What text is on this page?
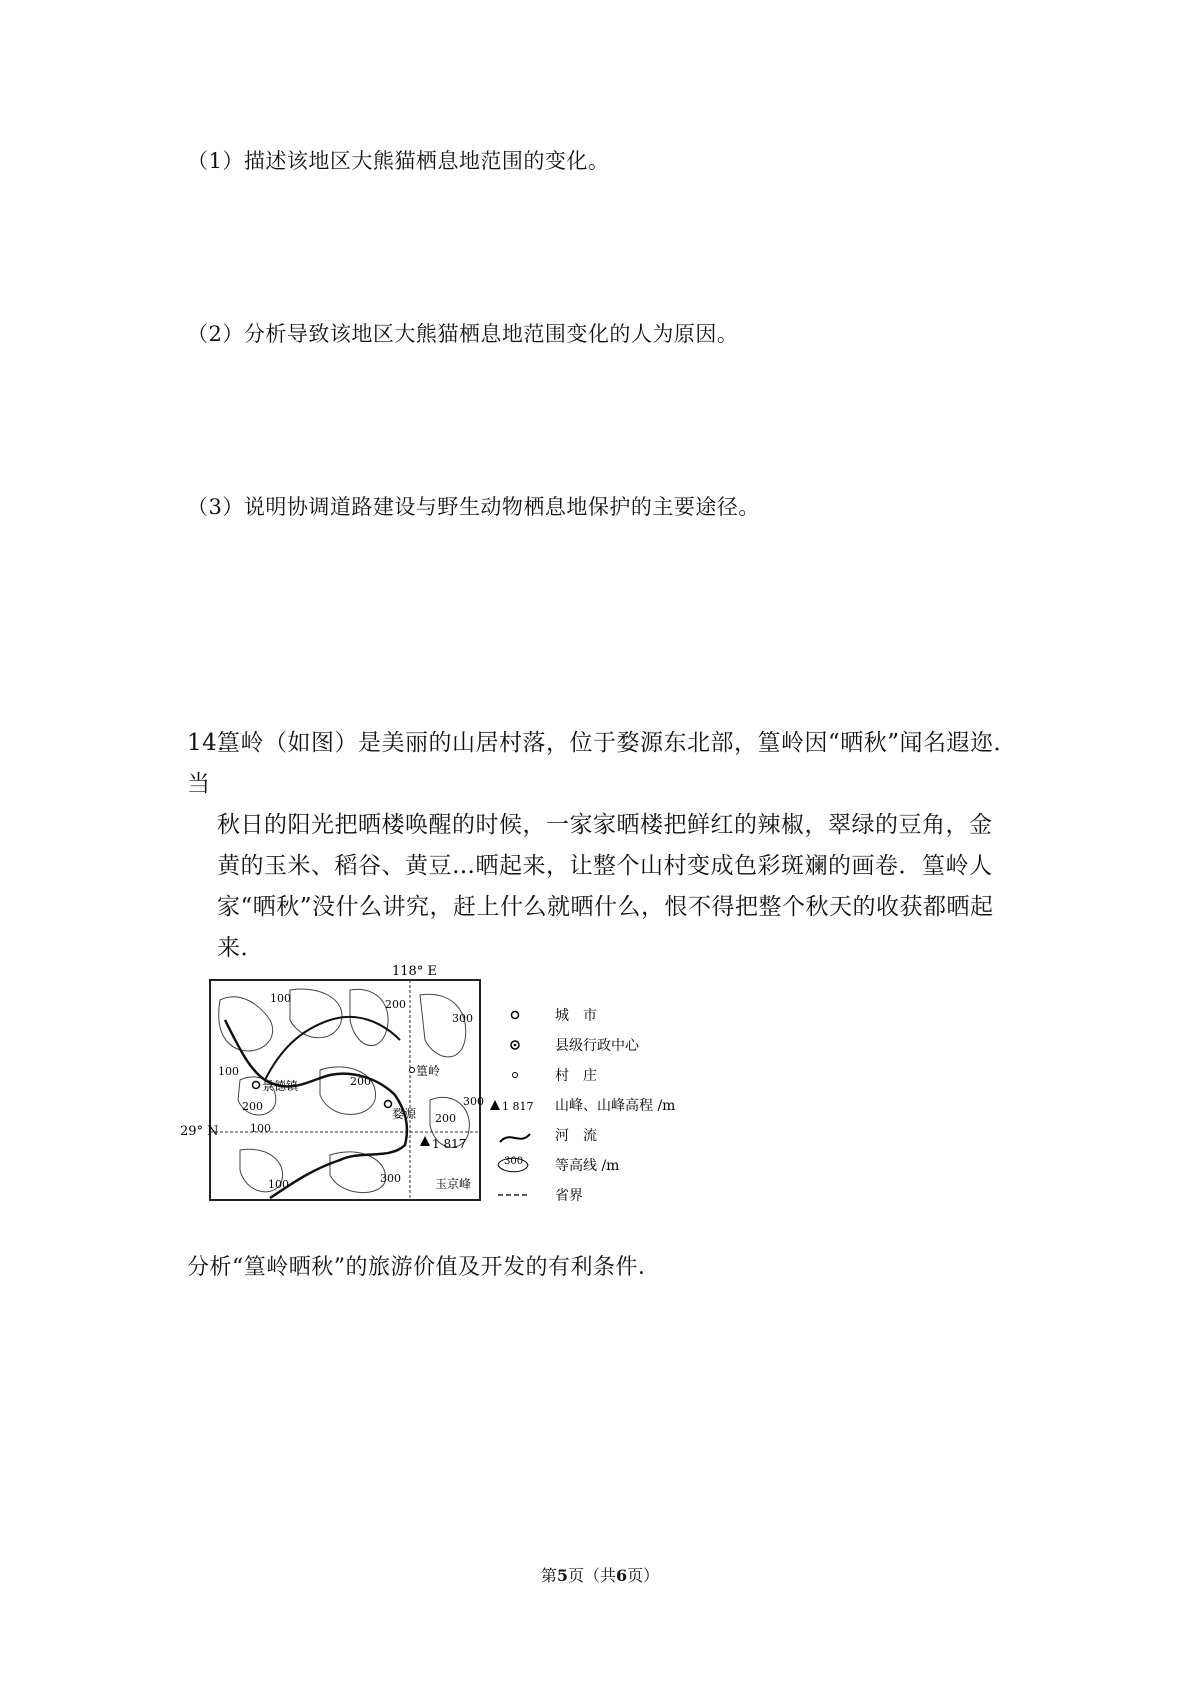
（1）描述该地区大熊猫栖息地范围的变化。

（2）分析导致该地区大熊猫栖息地范围变化的人为原因。

（3）说明协调道路建设与野生动物栖息地保护的主要途径。

14.篁岭（如图）是美丽的山居村落，位于婺源东北部，篁岭因“晒秋”闻名遐迩．当

秋日的阳光把晒楼唤醒的时候，一家家晒楼把鲜红的辣椒，翠绿的豆角，金

黄的玉米、稻谷、黄豆…晒起来，让整个山村变成色彩斑斓的画卷．篁岭人

家“晒秋”没什么讲究，赶上什么就晒什么，恨不得把整个秋天的收获都晒起

来．

118° E
29° N
100	200
300
100
200
200
100
200
300
300
100
景德镇
婺源
篁岭
1 817
玉京峰
城　市
县级行政中心
村　庄
1 817 山峰、山峰高程 /m
河　流
300 等高线 /m
省界

分析“篁岭晒秋”的旅游价值及开发的有利条件．

第5页（共6页）
